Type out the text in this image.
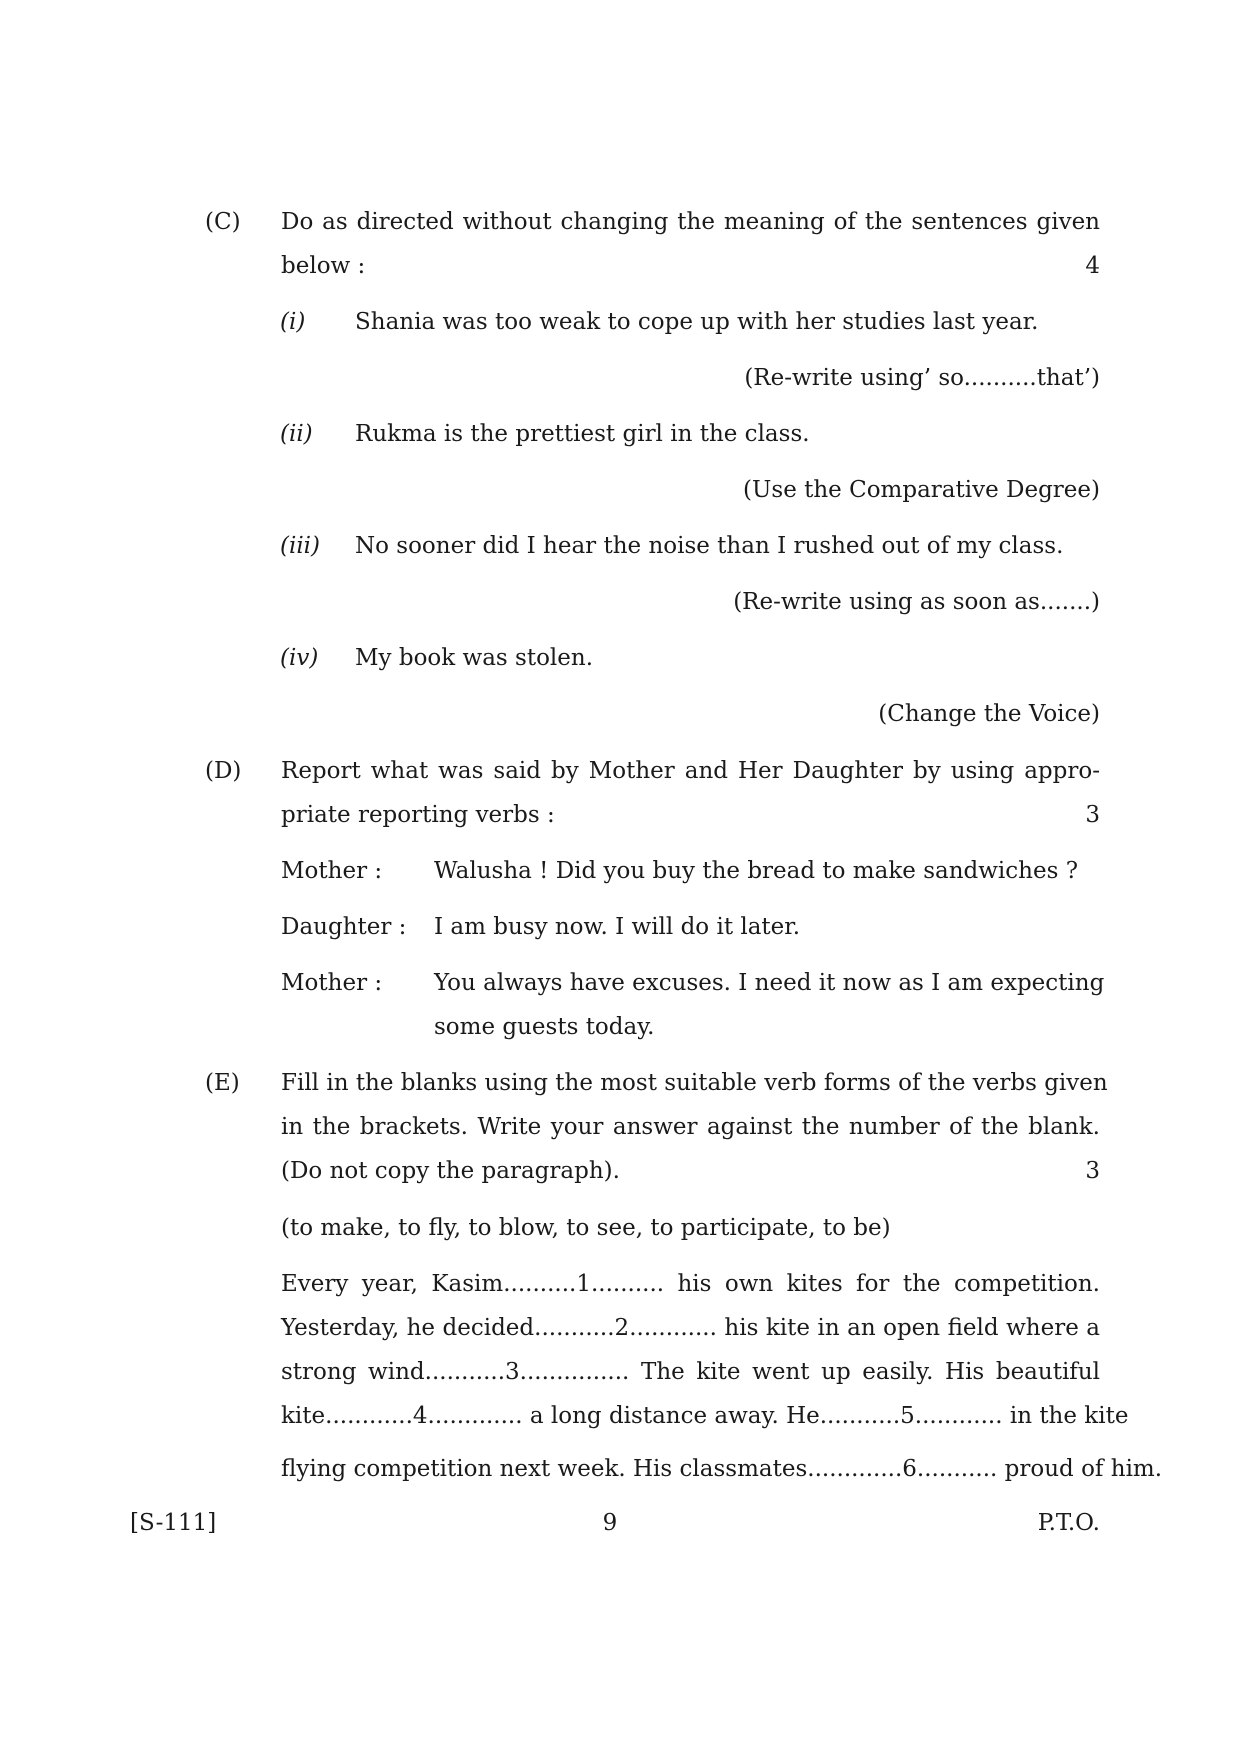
(C) Do as directed without changing the meaning of the sentences given
below :	4
(i) Shania was too weak to cope up with her studies last year.
(Re-write using’ so..........that’)
(ii) Rukma is the prettiest girl in the class.
(Use the Comparative Degree)
(iii) No sooner did I hear the noise than I rushed out of my class.
(Re-write using as soon as.......)
(iv) My book was stolen.
(Change the Voice)
(D) Report what was said by Mother and Her Daughter by using appro-
priate reporting verbs :	3
Mother : Walusha ! Did you buy the bread to make sandwiches ?
Daughter : I am busy now. I will do it later.
Mother : You always have excuses. I need it now as I am expecting
some guests today.
(E) Fill in the blanks using the most suitable verb forms of the verbs given
in the brackets. Write your answer against the number of the blank.
(Do not copy the paragraph).	3
(to make, to fly, to blow, to see, to participate, to be)
Every year, Kasim..........1.......... his own kites for the competition.
Yesterday, he decided...........2............ his kite in an open field where a
strong wind...........3............... The kite went up easily. His beautiful
kite............4............. a long distance away. He...........5............ in the kite
flying competition next week. His classmates.............6........... proud of him.
[S-111]	9	P.T.O.
